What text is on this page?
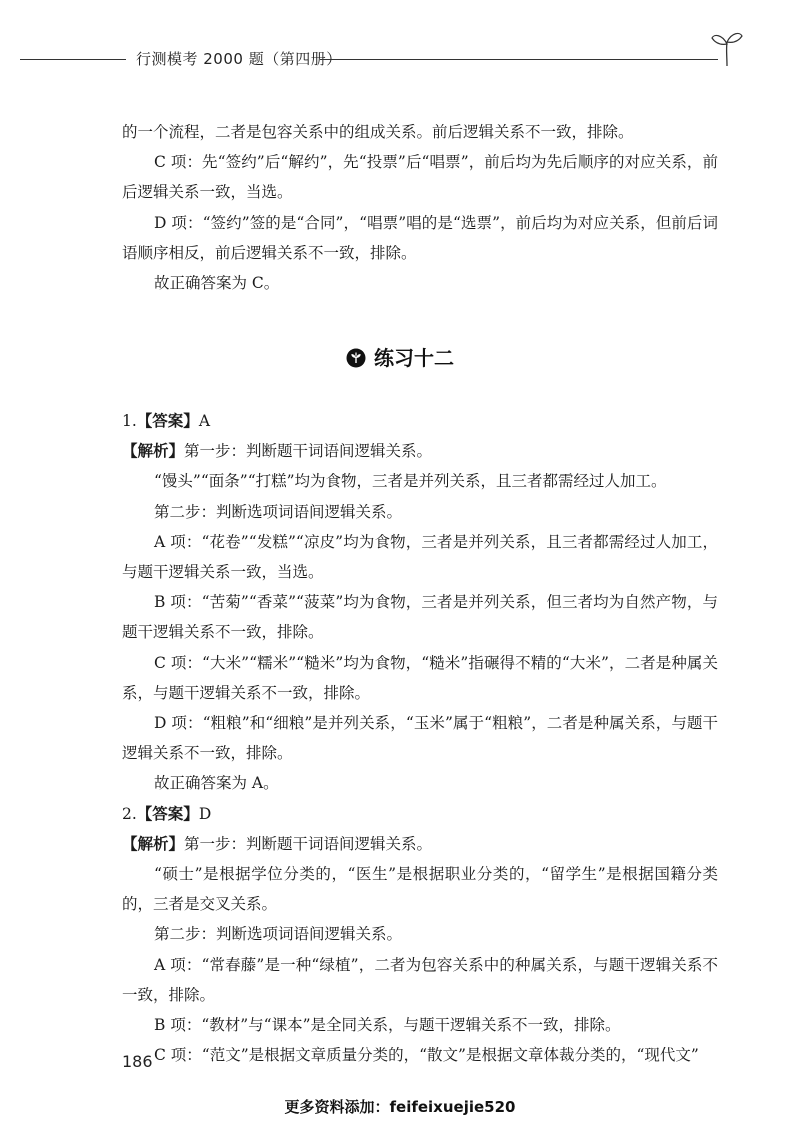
行测模考 2000 题（第四册）

的一个流程，二者是包容关系中的组成关系。前后逻辑关系不一致，排除。

C 项：先“签约”后“解约”，先“投票”后“唱票”，前后均为先后顺序的对应关系，前后逻辑关系一致，当选。

D 项：“签约”签的是“合同”，“唱票”唱的是“选票”，前后均为对应关系，但前后词语顺序相反，前后逻辑关系不一致，排除。

故正确答案为 C。

练习十二

1.【答案】A

【解析】第一步：判断题干词语间逻辑关系。

“馒头”“面条”“打糕”均为食物，三者是并列关系，且三者都需经过人加工。

第二步：判断选项词语间逻辑关系。

A 项：“花卷”“发糕”“凉皮”均为食物，三者是并列关系，且三者都需经过人加工，与题干逻辑关系一致，当选。

B 项：“苦菊”“香菜”“菠菜”均为食物，三者是并列关系，但三者均为自然产物，与题干逻辑关系不一致，排除。

C 项：“大米”“糯米”“糙米”均为食物，“糙米”指碾得不精的“大米”，二者是种属关系，与题干逻辑关系不一致，排除。

D 项：“粗粮”和“细粮”是并列关系，“玉米”属于“粗粮”，二者是种属关系，与题干逻辑关系不一致，排除。

故正确答案为 A。

2.【答案】D

【解析】第一步：判断题干词语间逻辑关系。

“硕士”是根据学位分类的，“医生”是根据职业分类的，“留学生”是根据国籍分类的，三者是交叉关系。

第二步：判断选项词语间逻辑关系。

A 项：“常春藤”是一种“绿植”，二者为包容关系中的种属关系，与题干逻辑关系不一致，排除。

B 项：“教材”与“课本”是全同关系，与题干逻辑关系不一致，排除。

C 项：“范文”是根据文章质量分类的，“散文”是根据文章体裁分类的，“现代文”

186
更多资料添加：feifeixuejie520
